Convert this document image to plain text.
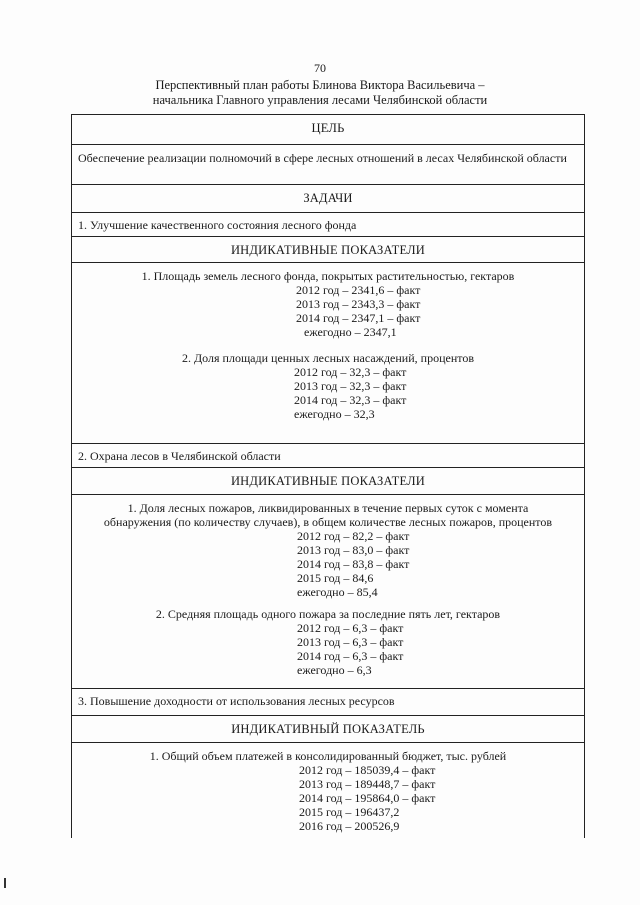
70
Перспективный план работы Блинова Виктора Васильевича –
начальника Главного управления лесами Челябинской области
ЦЕЛЬ
Обеспечение реализации полномочий в сфере лесных отношений в лесах Челябинской области
ЗАДАЧИ
1. Улучшение качественного состояния лесного фонда
ИНДИКАТИВНЫЕ ПОКАЗАТЕЛИ
1. Площадь земель лесного фонда, покрытых растительностью, гектаров
2012 год – 2341,6 – факт
2013 год – 2343,3 – факт
2014 год – 2347,1 – факт
ежегодно – 2347,1
2. Доля площади ценных лесных насаждений, процентов
2012 год – 32,3 – факт
2013 год – 32,3 – факт
2014 год – 32,3 – факт
ежегодно – 32,3
2. Охрана лесов в Челябинской области
ИНДИКАТИВНЫЕ ПОКАЗАТЕЛИ
1. Доля лесных пожаров, ликвидированных в течение первых суток с момента
обнаружения (по количеству случаев), в общем количестве лесных пожаров, процентов
2012 год – 82,2 – факт
2013 год – 83,0 – факт
2014 год – 83,8 – факт
2015 год – 84,6
ежегодно – 85,4
2. Средняя площадь одного пожара за последние пять лет, гектаров
2012 год – 6,3 – факт
2013 год – 6,3 – факт
2014 год – 6,3 – факт
ежегодно – 6,3
3. Повышение доходности от использования лесных ресурсов
ИНДИКАТИВНЫЙ ПОКАЗАТЕЛЬ
1. Общий объем платежей в консолидированный бюджет, тыс. рублей
2012 год – 185039,4 – факт
2013 год – 189448,7 – факт
2014 год – 195864,0 – факт
2015 год – 196437,2
2016 год – 200526,9
